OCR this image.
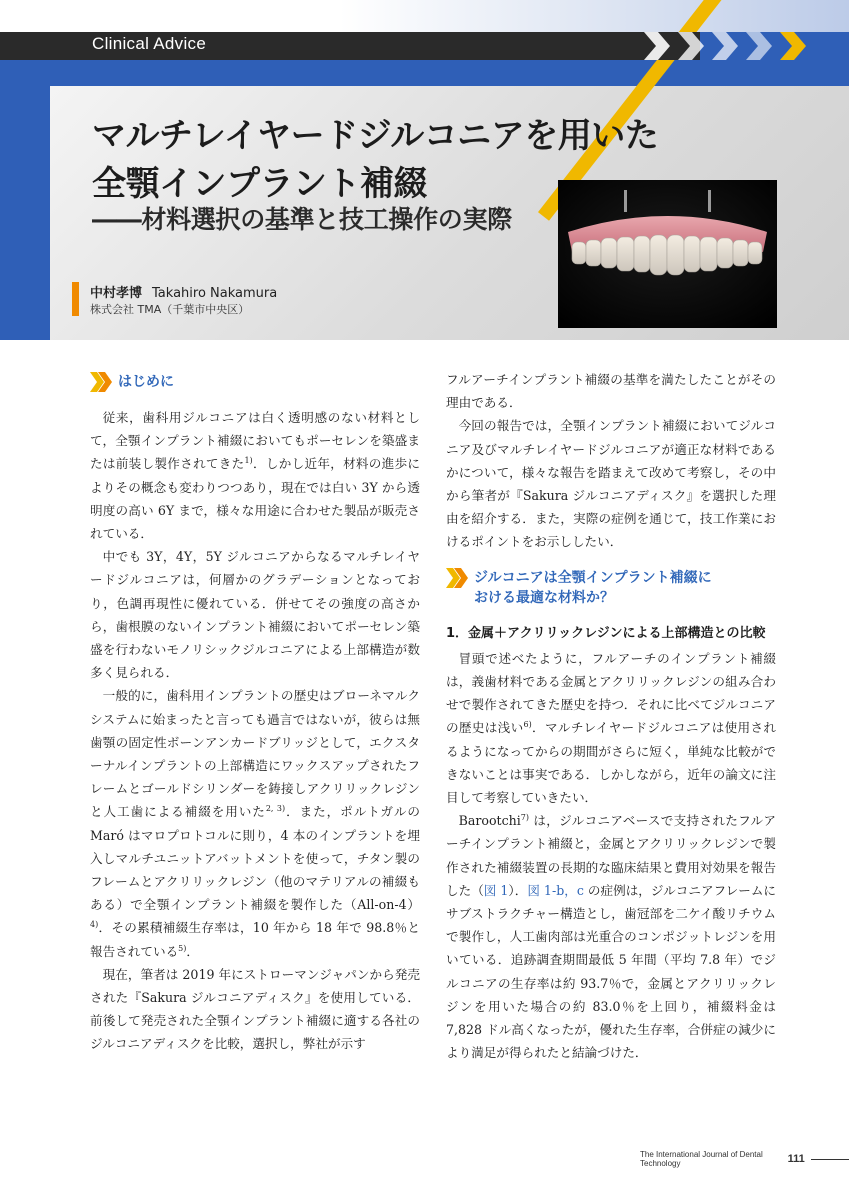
Clinical Advice
マルチレイヤードジルコニアを用いた
全顎インプラント補綴
――材料選択の基準と技工操作の実際
中村孝博 Takahiro Nakamura
株式会社 TMA（千葉市中央区）
はじめに

従来，歯科用ジルコニアは白く透明感のない材料として，全顎インプラント補綴においてもポーセレンを築盛または前装し製作されてきた$^{1)}$．しかし近年，材料の進歩によりその概念も変わりつつあり，現在では白い 3Y から透明度の高い 6Y まで，様々な用途に合わせた製品が販売されている．

中でも 3Y，4Y，5Y ジルコニアからなるマルチレイヤードジルコニアは，何層かのグラデーションとなっており，色調再現性に優れている．併せてその強度の高さから，歯根膜のないインプラント補綴においてポーセレン築盛を行わないモノリシックジルコニアによる上部構造が数多く見られる．

一般的に，歯科用インプラントの歴史はブローネマルクシステムに始まったと言っても過言ではないが，彼らは無歯顎の固定性ボーンアンカードブリッジとして，エクスターナルインプラントの上部構造にワックスアップされたフレームとゴールドシリンダーを鋳接しアクリリックレジンと人工歯による補綴を用いた$^{2, 3)}$．また，ポルトガルの Maró はマロプロトコルに則り，4 本のインプラントを埋入しマルチユニットアバットメントを使って，チタン製のフレームとアクリリックレジン（他のマテリアルの補綴もある）で全顎インプラント補綴を製作した$(All-on-4)^{4)}$．その累積補綴生存率は，10 年から 18 年で 98.8％と報告されている$^{5)}$．

現在，筆者は 2019 年にストローマンジャパンから発売された『Sakura ジルコニアディスク』を使用している．前後して発売された全顎インプラント補綴に適する各社のジルコニアディスクを比較，選択し，弊社が示す

フルアーチインプラント補綴の基準を満たしたことがその理由である．

今回の報告では，全顎インプラント補綴においてジルコニア及びマルチレイヤードジルコニアが適正な材料であるかについて，様々な報告を踏まえて改めて考察し，その中から筆者が『Sakura ジルコニアディスク』を選択した理由を紹介する．また，実際の症例を通じて，技工作業におけるポイントをお示ししたい．

ジルコニアは全顎インプラント補綴に
おける最適な材料か？
1．金属＋アクリリックレジンによる上部構造との比較

冒頭で述べたように，フルアーチのインプラント補綴は，義歯材料である金属とアクリリックレジンの組み合わせで製作されてきた歴史を持つ．それに比べてジルコニアの歴史は浅い$^{6)}$．マルチレイヤードジルコニアは使用されるようになってからの期間がさらに短く，単純な比較ができないことは事実である．しかしながら，近年の論文に注目して考察していきたい．

Barootchi$^{7)}$ は，ジルコニアベースで支持されたフルアーチインプラント補綴と，金属とアクリリックレジンで製作された補綴装置の長期的な臨床結果と費用対効果を報告した（図 1）．図 1-b，c の症例は，ジルコニアフレームにサブストラクチャー構造とし，歯冠部を二ケイ酸リチウムで製作し，人工歯肉部は光重合のコンポジットレジンを用いている．追跡調査期間最低 5 年間（平均 7.8 年）でジルコニアの生存率は約 93.7％で，金属とアクリリックレジンを用いた場合の約 83.0％を上回り，補綴料金は 7,828 ドル高くなったが，優れた生存率，合併症の減少により満足が得られたと結論づけた．

The International Journal of Dental Technology	111
